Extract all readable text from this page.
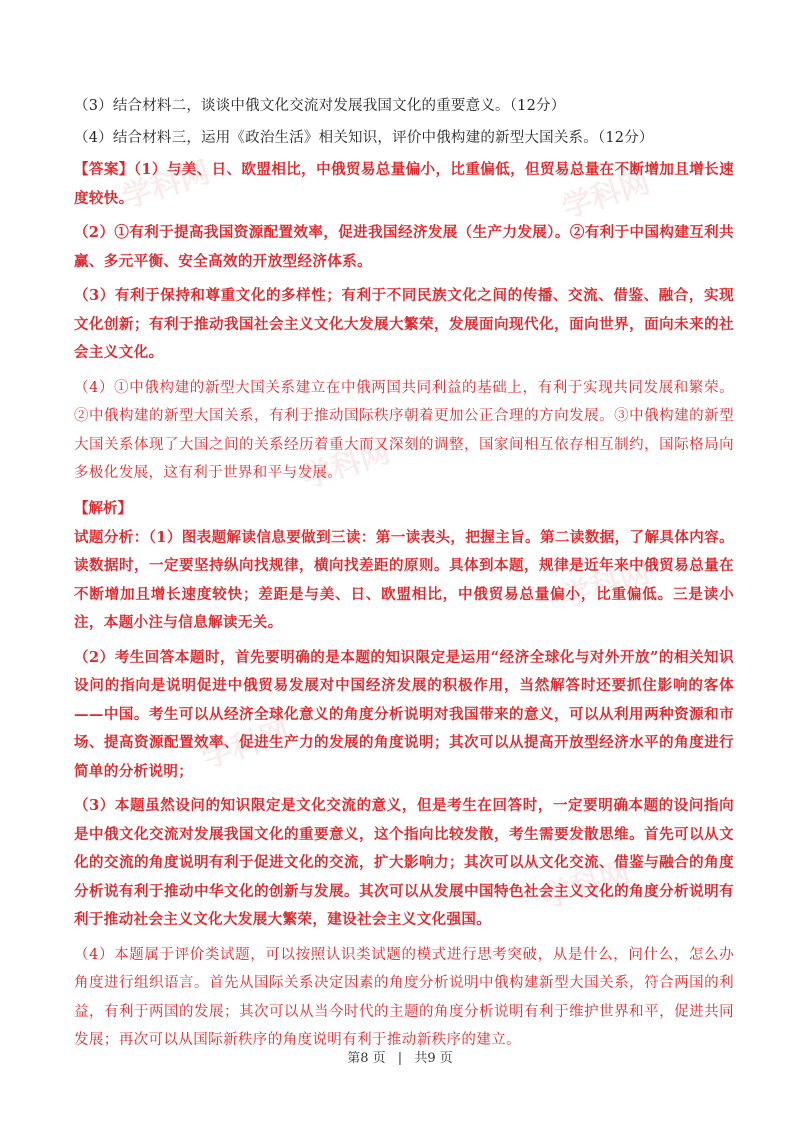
学科网	学科网
学科网
学科网
学科网
学科网

（3）结合材料二，谈谈中俄文化交流对发展我国文化的重要意义。（12分）

（4）结合材料三，运用《政治生活》相关知识，评价中俄构建的新型大国关系。（12分）

【答案】（1）与美、日、欧盟相比，中俄贸易总量偏小，比重偏低，但贸易总量在不断增加且增长速度较快。

（2）①有利于提高我国资源配置效率，促进我国经济发展（生产力发展）。②有利于中国构建互利共赢、多元平衡、安全高效的开放型经济体系。

（3）有利于保持和尊重文化的多样性；有利于不同民族文化之间的传播、交流、借鉴、融合，实现文化创新；有利于推动我国社会主义文化大发展大繁荣，发展面向现代化，面向世界，面向未来的社会主义文化。

（4）①中俄构建的新型大国关系建立在中俄两国共同利益的基础上，有利于实现共同发展和繁荣。②中俄构建的新型大国关系，有利于推动国际秩序朝着更加公正合理的方向发展。③中俄构建的新型大国关系体现了大国之间的关系经历着重大而又深刻的调整，国家间相互依存相互制约，国际格局向多极化发展，这有利于世界和平与发展。

【解析】

试题分析：（1）图表题解读信息要做到三读：第一读表头，把握主旨。第二读数据，了解具体内容。读数据时，一定要坚持纵向找规律，横向找差距的原则。具体到本题，规律是近年来中俄贸易总量在不断增加且增长速度较快；差距是与美、日、欧盟相比，中俄贸易总量偏小，比重偏低。三是读小注，本题小注与信息解读无关。

（2）考生回答本题时，首先要明确的是本题的知识限定是运用“经济全球化与对外开放”的相关知识设问的指向是说明促进中俄贸易发展对中国经济发展的积极作用，当然解答时还要抓住影响的客体——中国。考生可以从经济全球化意义的角度分析说明对我国带来的意义，可以从利用两种资源和市场、提高资源配置效率、促进生产力的发展的角度说明；其次可以从提高开放型经济水平的角度进行简单的分析说明；

（3）本题虽然设问的知识限定是文化交流的意义，但是考生在回答时，一定要明确本题的设问指向是中俄文化交流对发展我国文化的重要意义，这个指向比较发散，考生需要发散思维。首先可以从文化的交流的角度说明有利于促进文化的交流，扩大影响力；其次可以从文化交流、借鉴与融合的角度分析说有利于推动中华文化的创新与发展。其次可以从发展中国特色社会主义文化的角度分析说明有利于推动社会主义文化大发展大繁荣，建设社会主义文化强国。

（4）本题属于评价类试题，可以按照认识类试题的模式进行思考突破，从是什么，问什么，怎么办角度进行组织语言。首先从国际关系决定因素的角度分析说明中俄构建新型大国关系，符合两国的利益，有利于两国的发展；其次可以从当今时代的主题的角度分析说明有利于维护世界和平，促进共同发展；再次可以从国际新秩序的角度说明有利于推动新秩序的建立。

第8 页 | 共9 页
